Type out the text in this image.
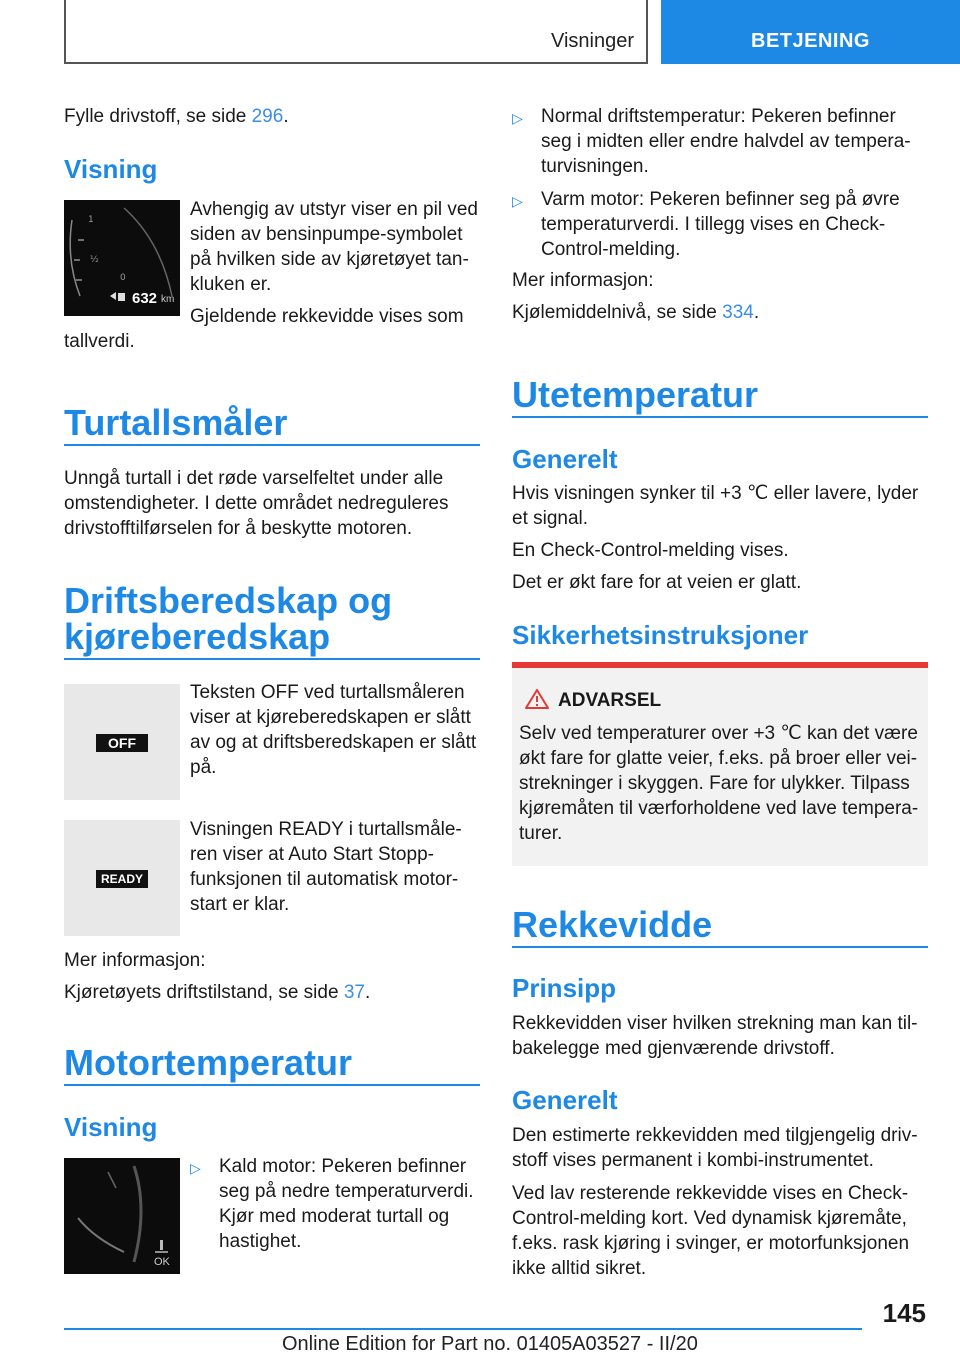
Visninger	BETJENING

Fylle drivstoff, se side 296.

Visning
1
½
0
632 km

Avhengig av utstyr viser en pil ved siden av bensinpumpe-symbolet på hvilken side av kjøretøyet tan-kluken er.

Gjeldende rekkevidde vises som

tallverdi.

Turtallsmåler

Unngå turtall i det røde varselfeltet under alle omstendigheter. I dette området nedreguleres drivstofftilførselen for å beskytte motoren.

Driftsberedskap og
kjøreberedskap
OFF

Teksten OFF ved turtallsmåleren viser at kjøreberedskapen er slått av og at driftsberedskapen er slått på.

READY

Visningen READY i turtallsmåle-ren viser at Auto Start Stopp-funksjonen til automatisk motor-start er klar.

Mer informasjon:

Kjøretøyets driftstilstand, se side 37.

Motortemperatur
Visning
OK
▷ Kald motor: Pekeren befinner seg på nedre temperaturverdi. Kjør med moderat turtall og hastighet.
▷ Normal driftstemperatur: Pekeren befinner seg i midten eller endre halvdel av tempera-turvisningen.
▷ Varm motor: Pekeren befinner seg på øvre temperaturverdi. I tillegg vises en Check-Control-melding.

Mer informasjon:

Kjølemiddelnivå, se side 334.

Utetemperatur
Generelt

Hvis visningen synker til +3 ℃ eller lavere, lyder et signal.

En Check-Control-melding vises.

Det er økt fare for at veien er glatt.

Sikkerhetsinstruksjoner
ADVARSEL

Selv ved temperaturer over +3 ℃ kan det være økt fare for glatte veier, f.eks. på broer eller vei-strekninger i skyggen. Fare for ulykker. Tilpass kjøremåten til værforholdene ved lave tempera-turer.

Rekkevidde
Prinsipp

Rekkevidden viser hvilken strekning man kan til-bakelegge med gjenværende drivstoff.

Generelt

Den estimerte rekkevidden med tilgjengelig driv-stoff vises permanent i kombi-instrumentet.

Ved lav resterende rekkevidde vises en Check-Control-melding kort. Ved dynamisk kjøremåte, f.eks. rask kjøring i svinger, er motorfunksjonen ikke alltid sikret.

145
Online Edition for Part no. 01405A03527 - II/20
